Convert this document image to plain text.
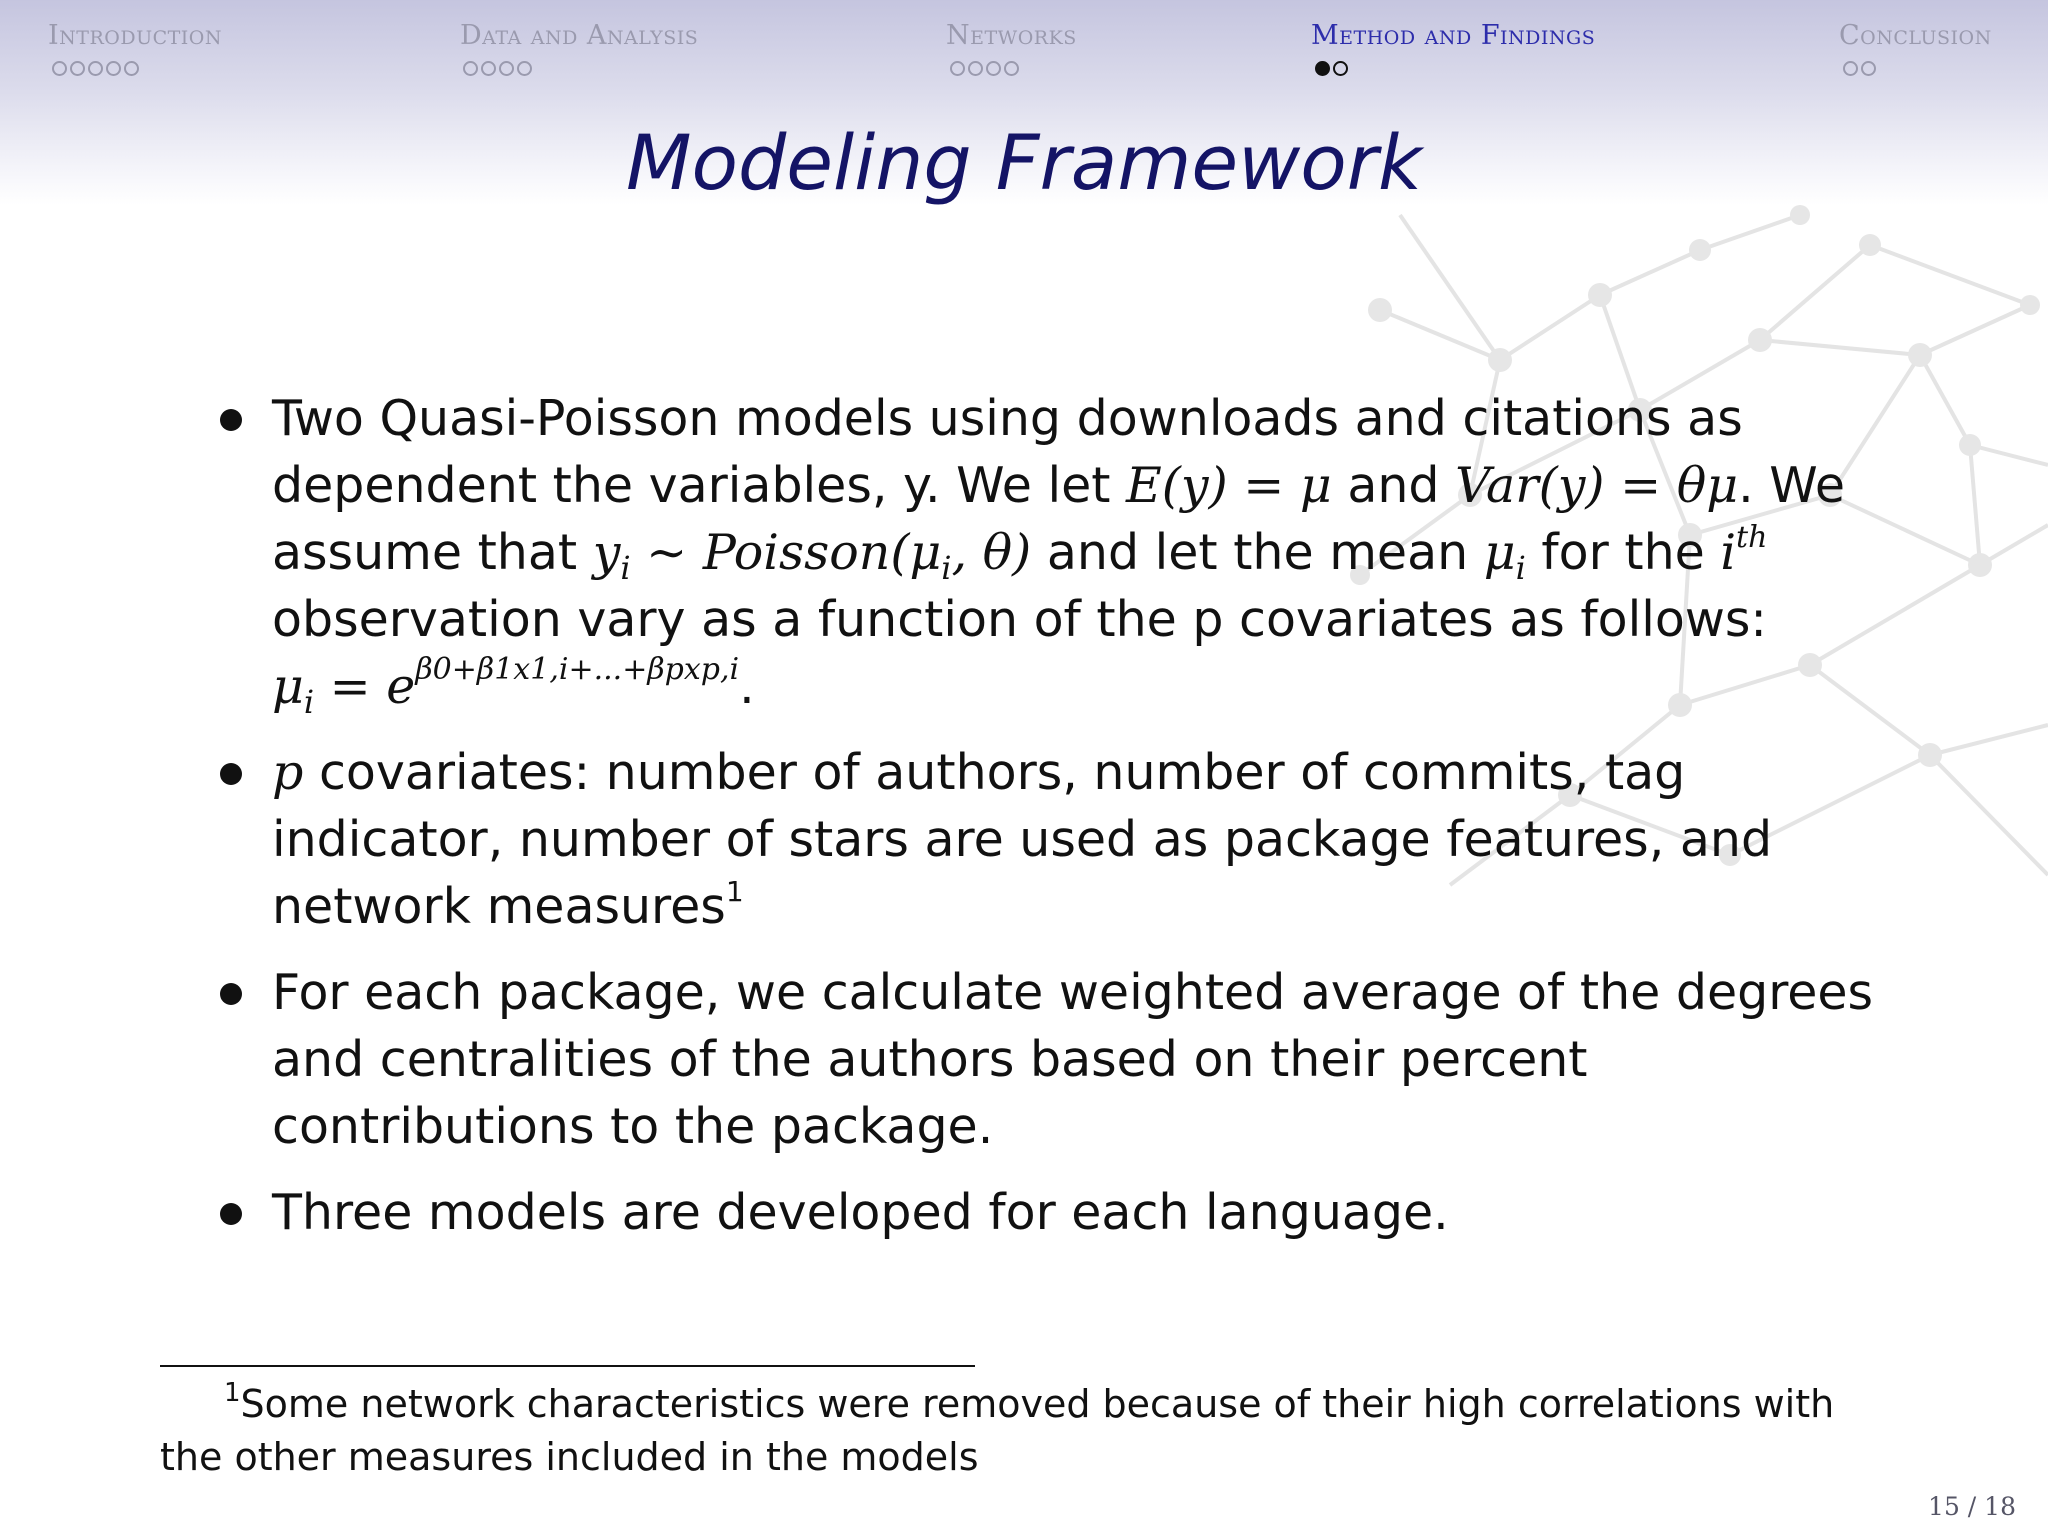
Introduction	Data and Analysis	Networks	Method and Findings	Conclusion
Modeling Framework
Two Quasi-Poisson models using downloads and citations as dependent the variables, y. We let E(y) = μ and Var(y) = θμ. We assume that $y_i$ ∼ $Poisson(\mu_i$, θ) and let the mean $\mu_i$ for the $i^{th}$ observation vary as a function of the p covariates as follows:
$\mu_i = e^{\beta 0+\beta 1x1,i+...+\beta pxp,i}$.
p covariates: number of authors, number of commits, tag indicator, number of stars are used as package features, and network measures$^1$
For each package, we calculate weighted average of the degrees and centralities of the authors based on their percent contributions to the package.
Three models are developed for each language.
$^1$Some network characteristics were removed because of their high correlations with the other measures included in the models
15 / 18
